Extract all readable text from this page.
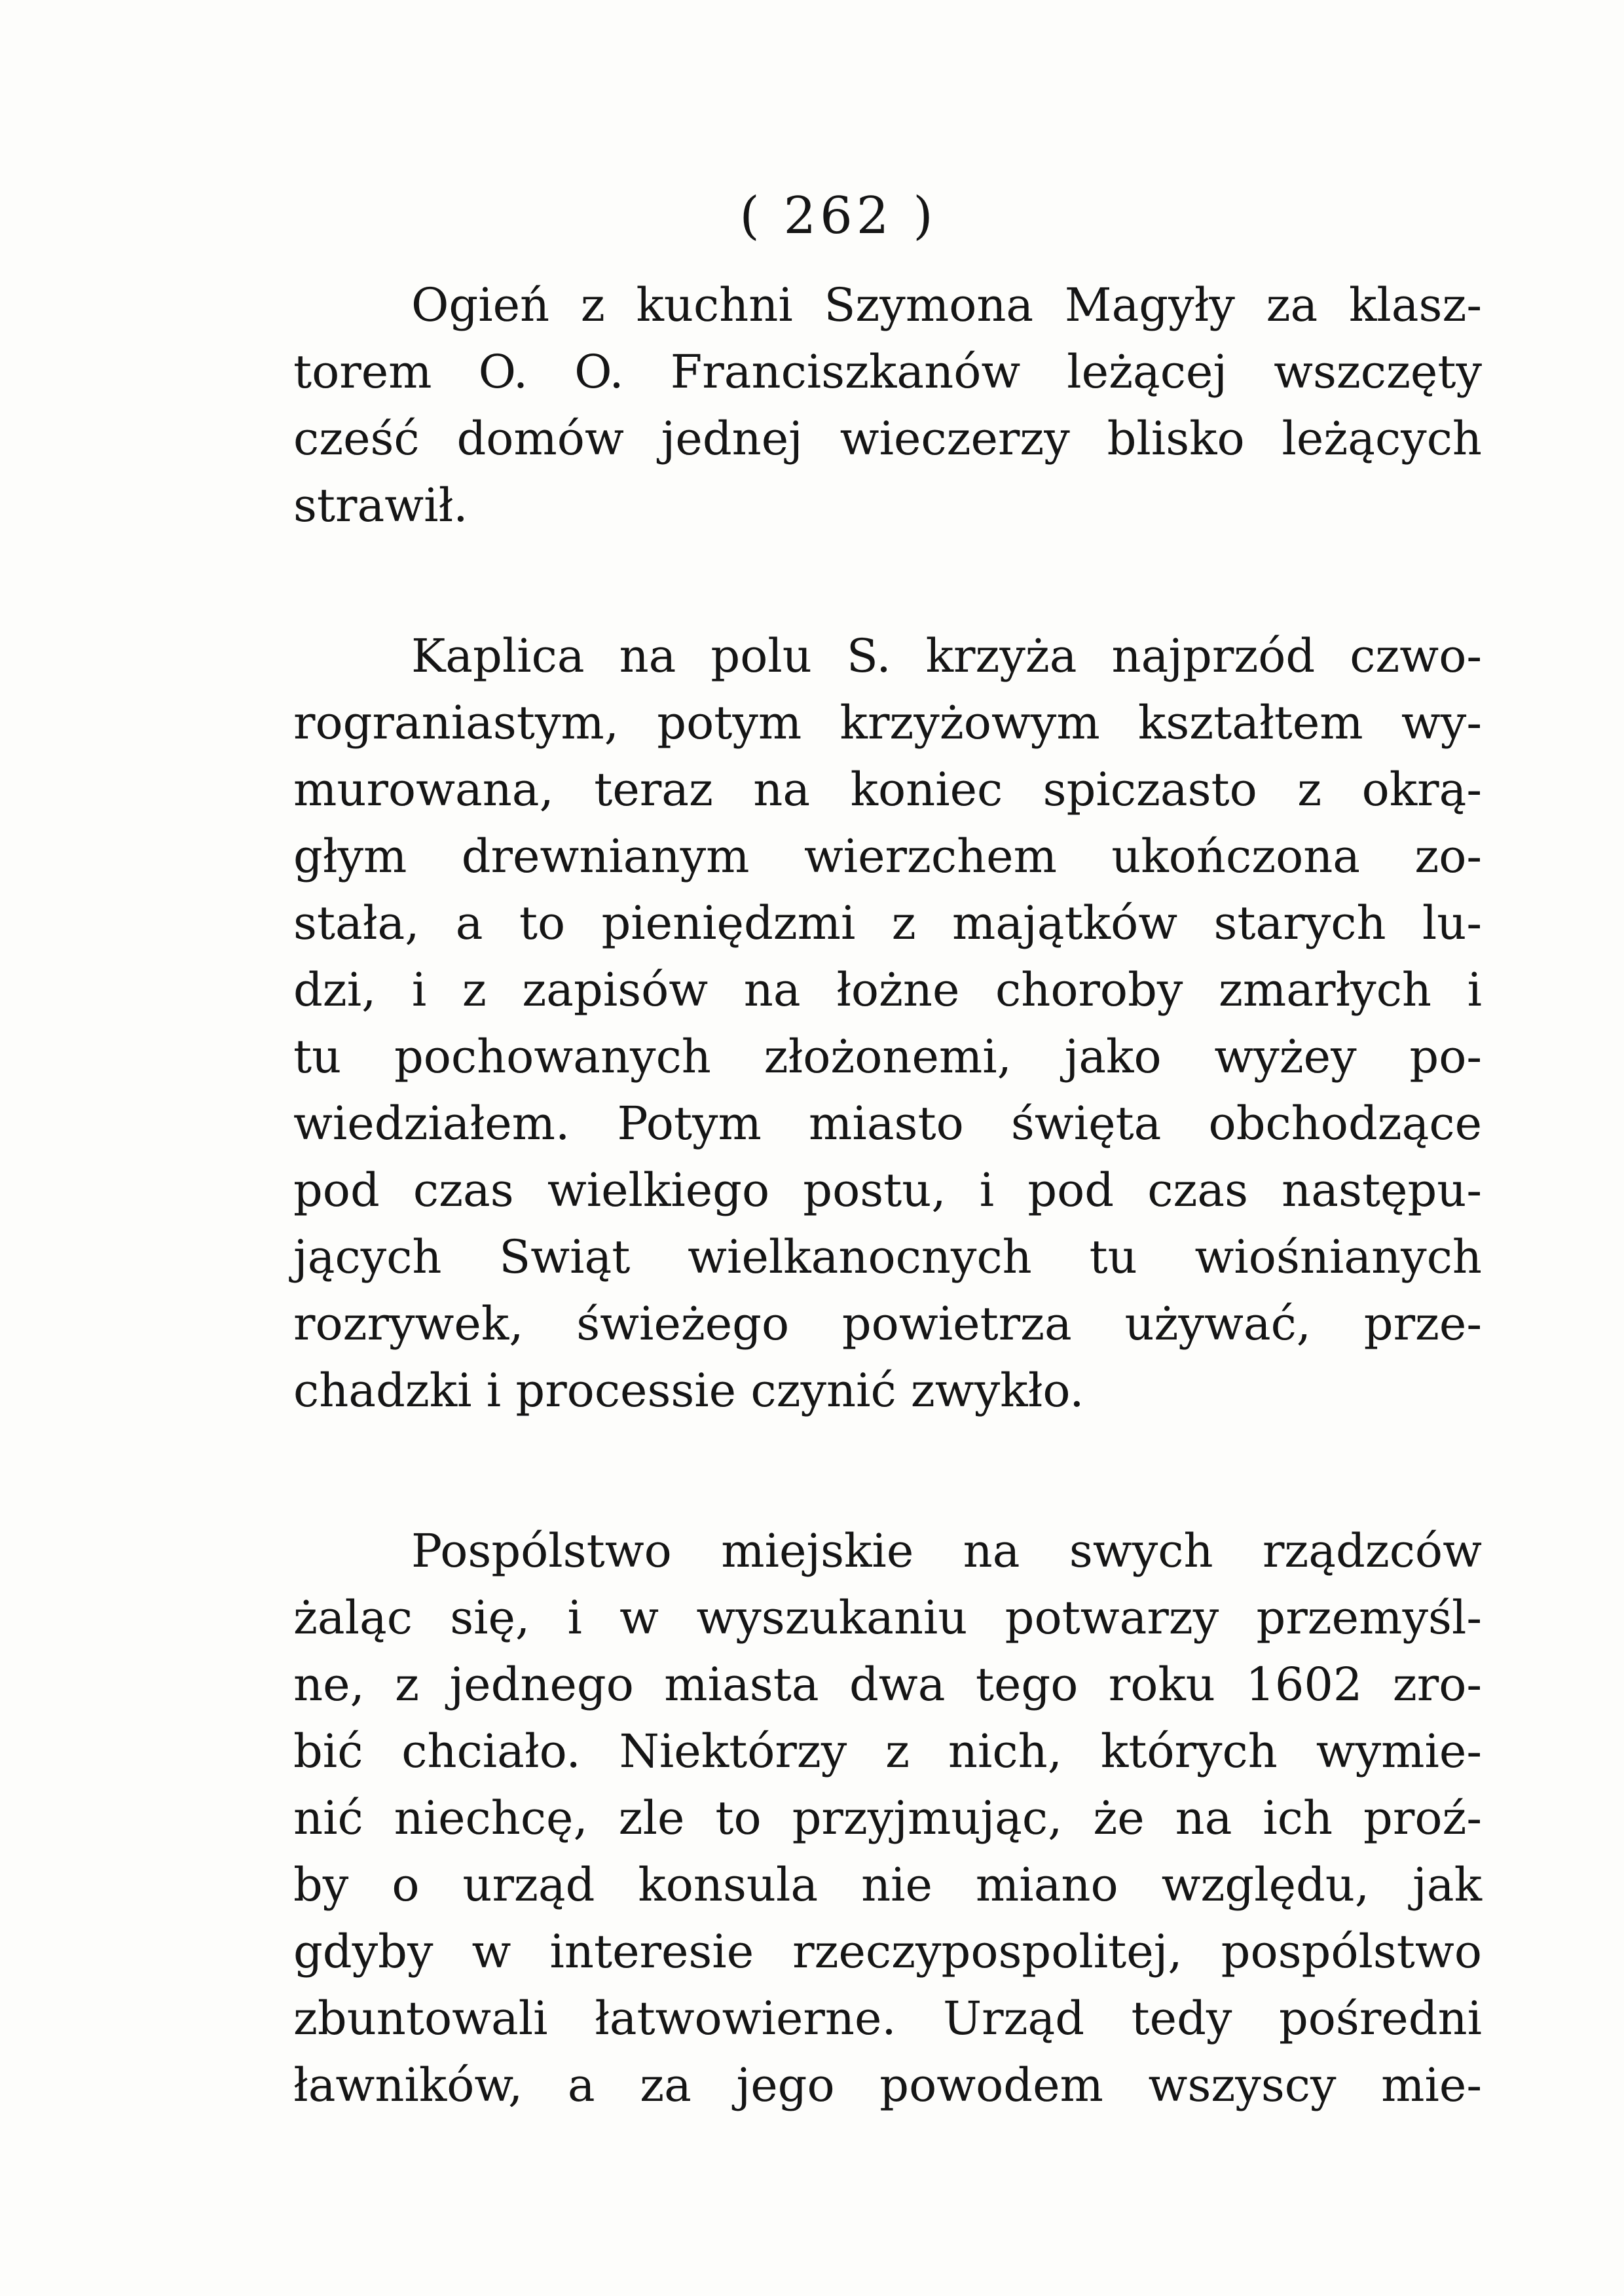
( 262 )
Ogień z kuchni Szymona Magyły za klasz-
torem O. O. Franciszkanów leżącej wszczęty
cześć domów jednej wieczerzy blisko leżących
strawił.
Kaplica na polu S. krzyża najprzód czwo-
rograniastym, potym krzyżowym kształtem wy-
murowana, teraz na koniec spiczasto z okrą-
głym drewnianym wierzchem ukończona zo-
stała, a to pieniędzmi z majątków starych lu-
dzi, i z zapisów na łożne choroby zmarłych i
tu pochowanych złożonemi, jako wyżey po-
wiedziałem. Potym miasto święta obchodzące
pod czas wielkiego postu, i pod czas następu-
jących Swiąt wielkanocnych tu wiośnianych
rozrywek, świeżego powietrza używać, prze-
chadzki i processie czynić zwykło.
Pospólstwo miejskie na swych rządzców
żaląc się, i w wyszukaniu potwarzy przemyśl-
ne, z jednego miasta dwa tego roku 1602 zro-
bić chciało. Niektórzy z nich, których wymie-
nić niechcę, zle to przyjmując, że na ich proź-
by o urząd konsula nie miano względu, jak
gdyby w interesie rzeczypospolitej, pospólstwo
zbuntowali łatwowierne. Urząd tedy pośredni
ławników, a za jego powodem wszyscy mie-
